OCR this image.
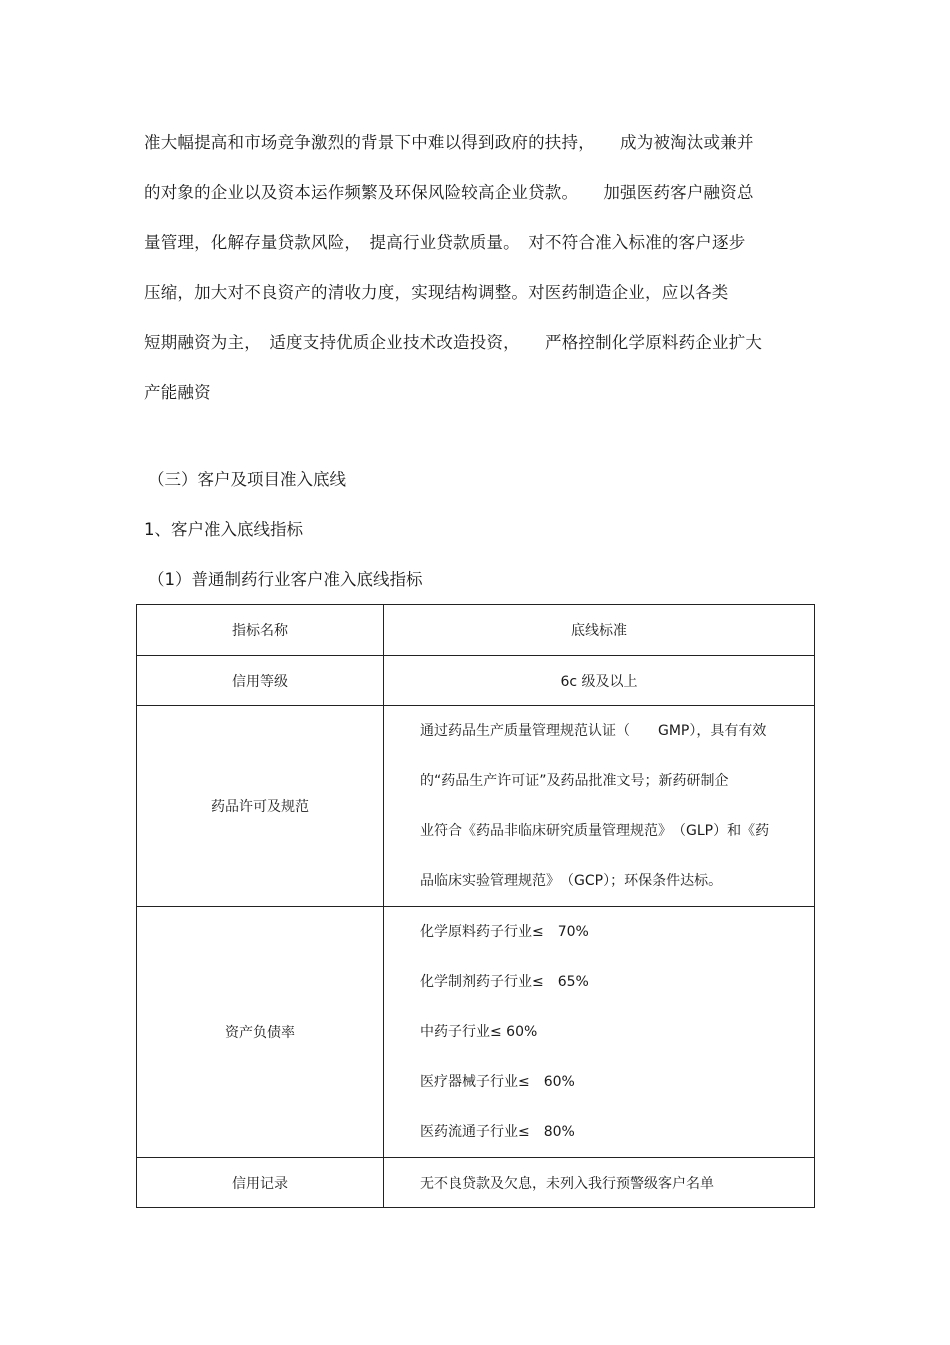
准大幅提高和市场竞争激烈的背景下中难以得到政府的扶持，　　成为被淘汰或兼并
的对象的企业以及资本运作频繁及环保风险较高企业贷款。　　加强医药客户融资总
量管理，化解存量贷款风险，　提高行业贷款质量。　对不符合准入标准的客户逐步
压缩，加大对不良资产的清收力度，实现结构调整。对医药制造企业，应以各类
短期融资为主，　适度支持优质企业技术改造投资，　　严格控制化学原料药企业扩大
产能融资
（三）客户及项目准入底线
1、客户准入底线指标
（1）普通制药行业客户准入底线指标
指标名称	底线标准
信用等级	6c 级及以上
药品许可及规范	通过药品生产质量管理规范认证（　　GMP），具有有效
的“药品生产许可证”及药品批准文号；新药研制企
业符合《药品非临床研究质量管理规范》　（GLP）和《药
品临床实验管理规范》　（GCP）；环保条件达标。

资产负债率	化学原料药子行业≤　70%
化学制剂药子行业≤　65%
中药子行业≤ 60%
医疗器械子行业≤　60%
医药流通子行业≤　80%

信用记录	无不良贷款及欠息，未列入我行预警级客户名单
